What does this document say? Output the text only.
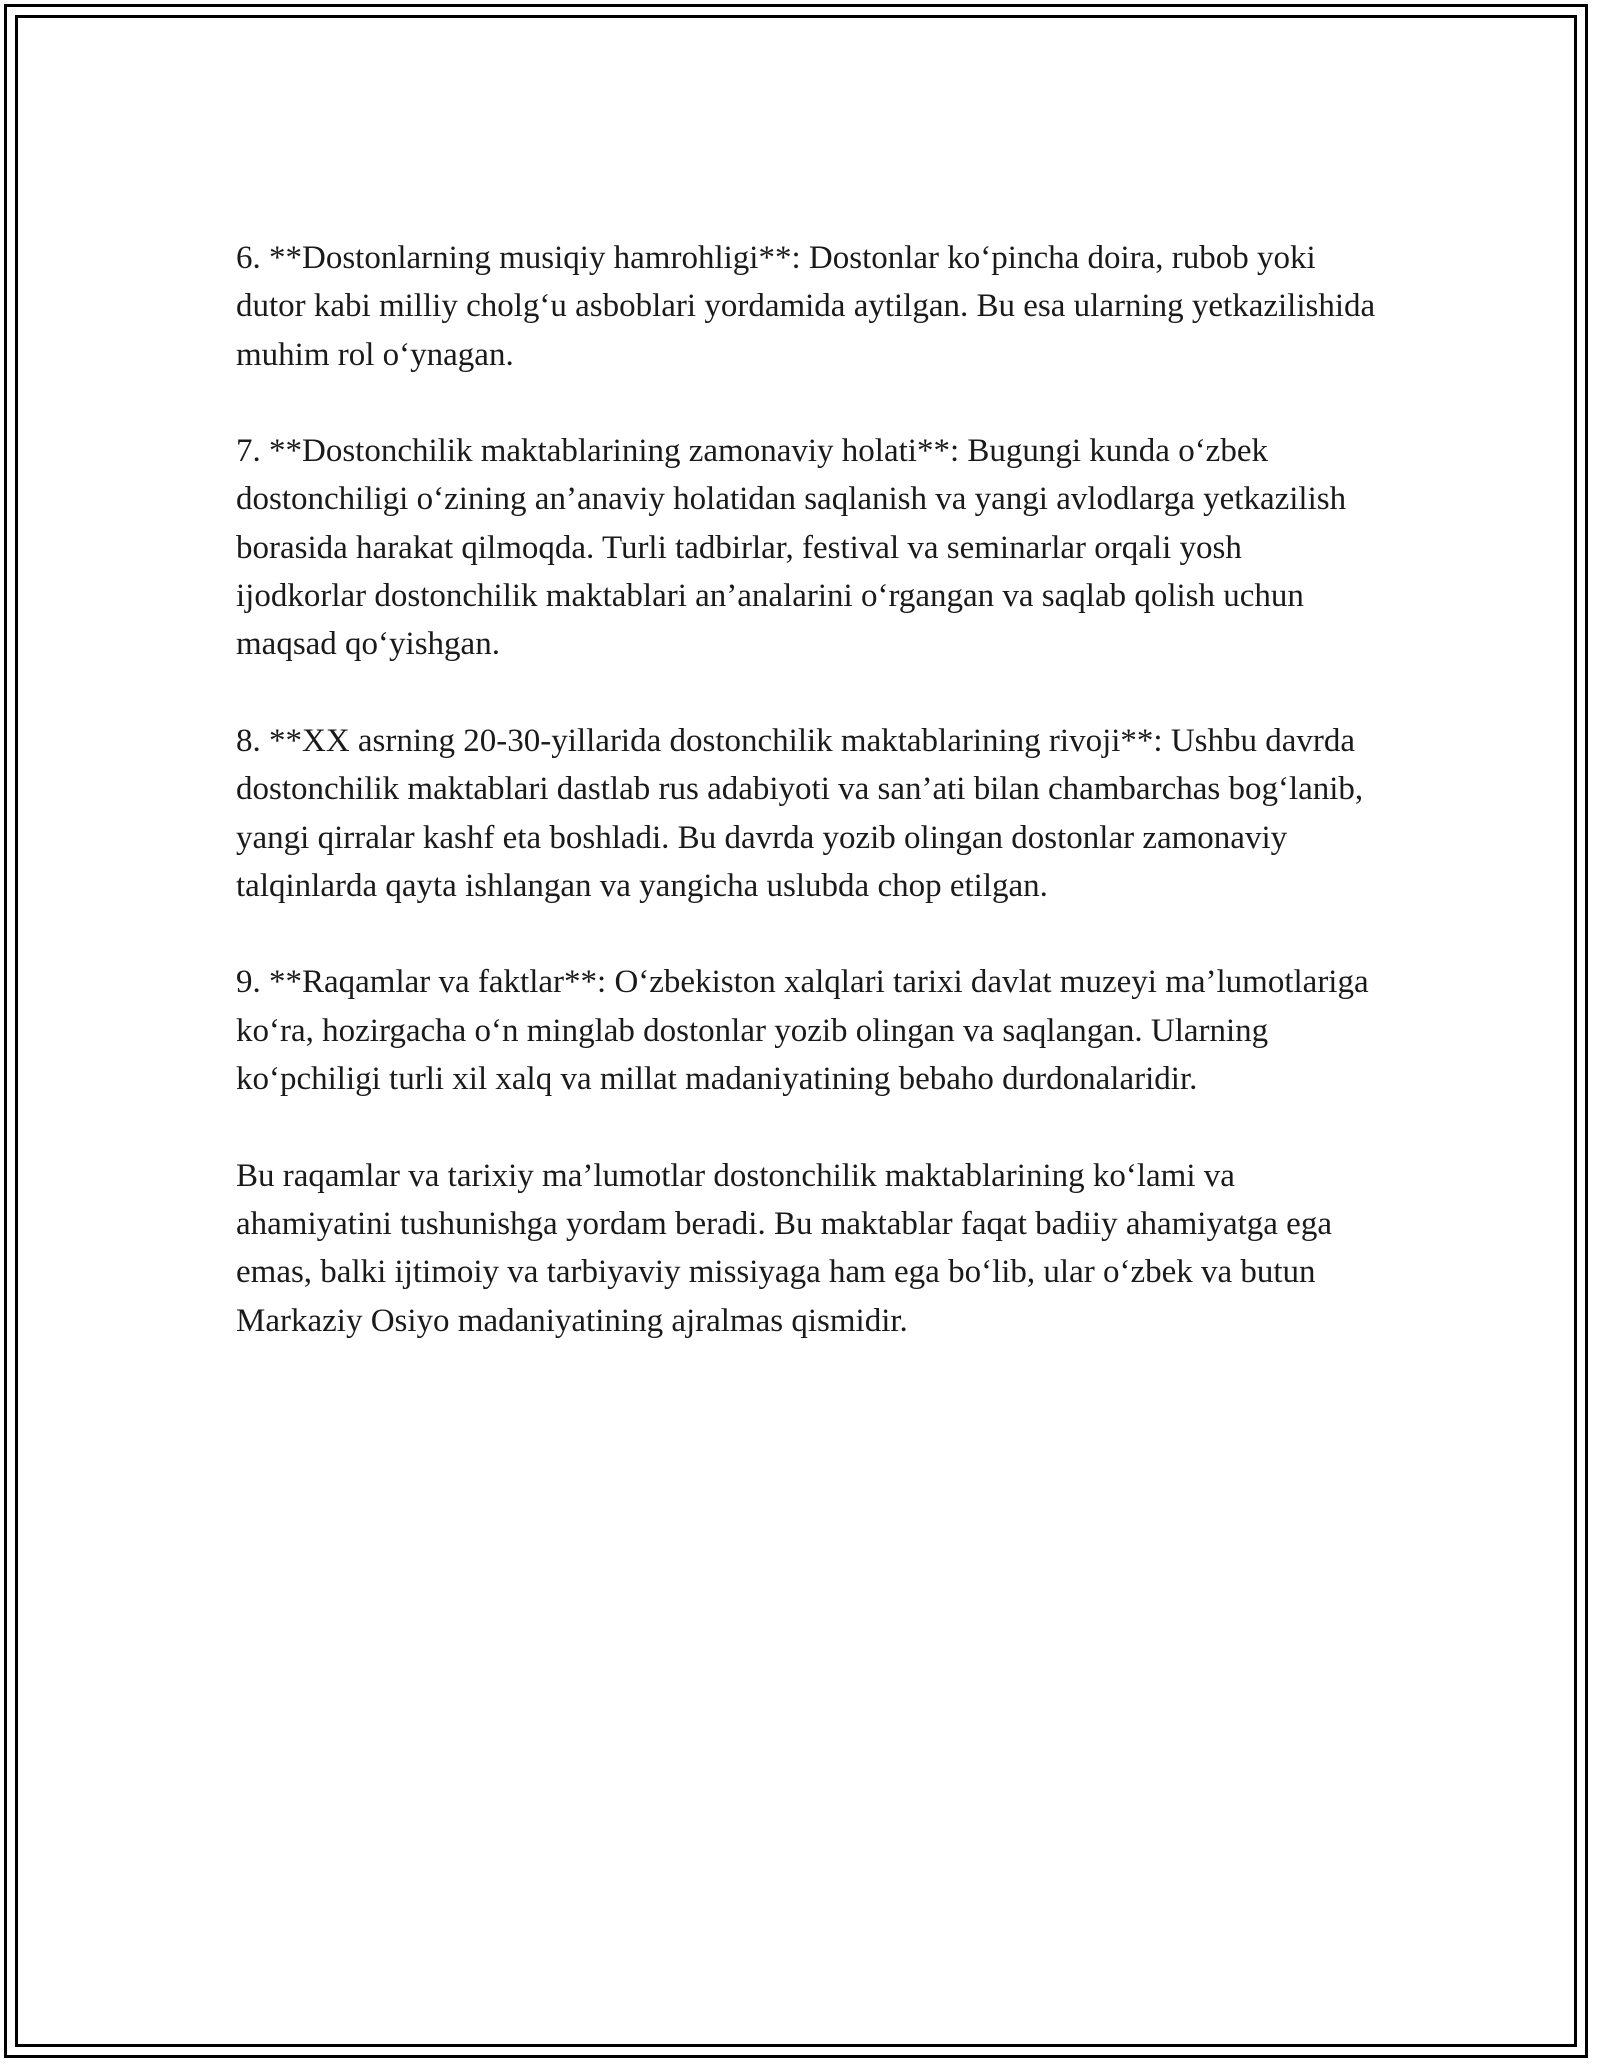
6. **Dostonlarning musiqiy hamrohligi**: Dostonlar ko‘pincha doira, rubob yoki dutor kabi milliy cholg‘u asboblari yordamida aytilgan. Bu esa ularning yetkazilishida muhim rol o‘ynagan.

7. **Dostonchilik maktablarining zamonaviy holati**: Bugungi kunda o‘zbek dostonchiligi o‘zining an’anaviy holatidan saqlanish va yangi avlodlarga yetkazilish borasida harakat qilmoqda. Turli tadbirlar, festival va seminarlar orqali yosh ijodkorlar dostonchilik maktablari an’analarini o‘rgangan va saqlab qolish uchun maqsad qo‘yishgan.

8. **XX asrning 20-30-yillarida dostonchilik maktablarining rivoji**: Ushbu davrda dostonchilik maktablari dastlab rus adabiyoti va san’ati bilan chambarchas bog‘lanib, yangi qirralar kashf eta boshladi. Bu davrda yozib olingan dostonlar zamonaviy talqinlarda qayta ishlangan va yangicha uslubda chop etilgan.

9. **Raqamlar va faktlar**: O‘zbekiston xalqlari tarixi davlat muzeyi ma’lumotlariga ko‘ra, hozirgacha o‘n minglab dostonlar yozib olingan va saqlangan. Ularning ko‘pchiligi turli xil xalq va millat madaniyatining bebaho durdonalaridir.

Bu raqamlar va tarixiy ma’lumotlar dostonchilik maktablarining ko‘lami va ahamiyatini tushunishga yordam beradi. Bu maktablar faqat badiiy ahamiyatga ega emas, balki ijtimoiy va tarbiyaviy missiyaga ham ega bo‘lib, ular o‘zbek va butun Markaziy Osiyo madaniyatining ajralmas qismidir.
